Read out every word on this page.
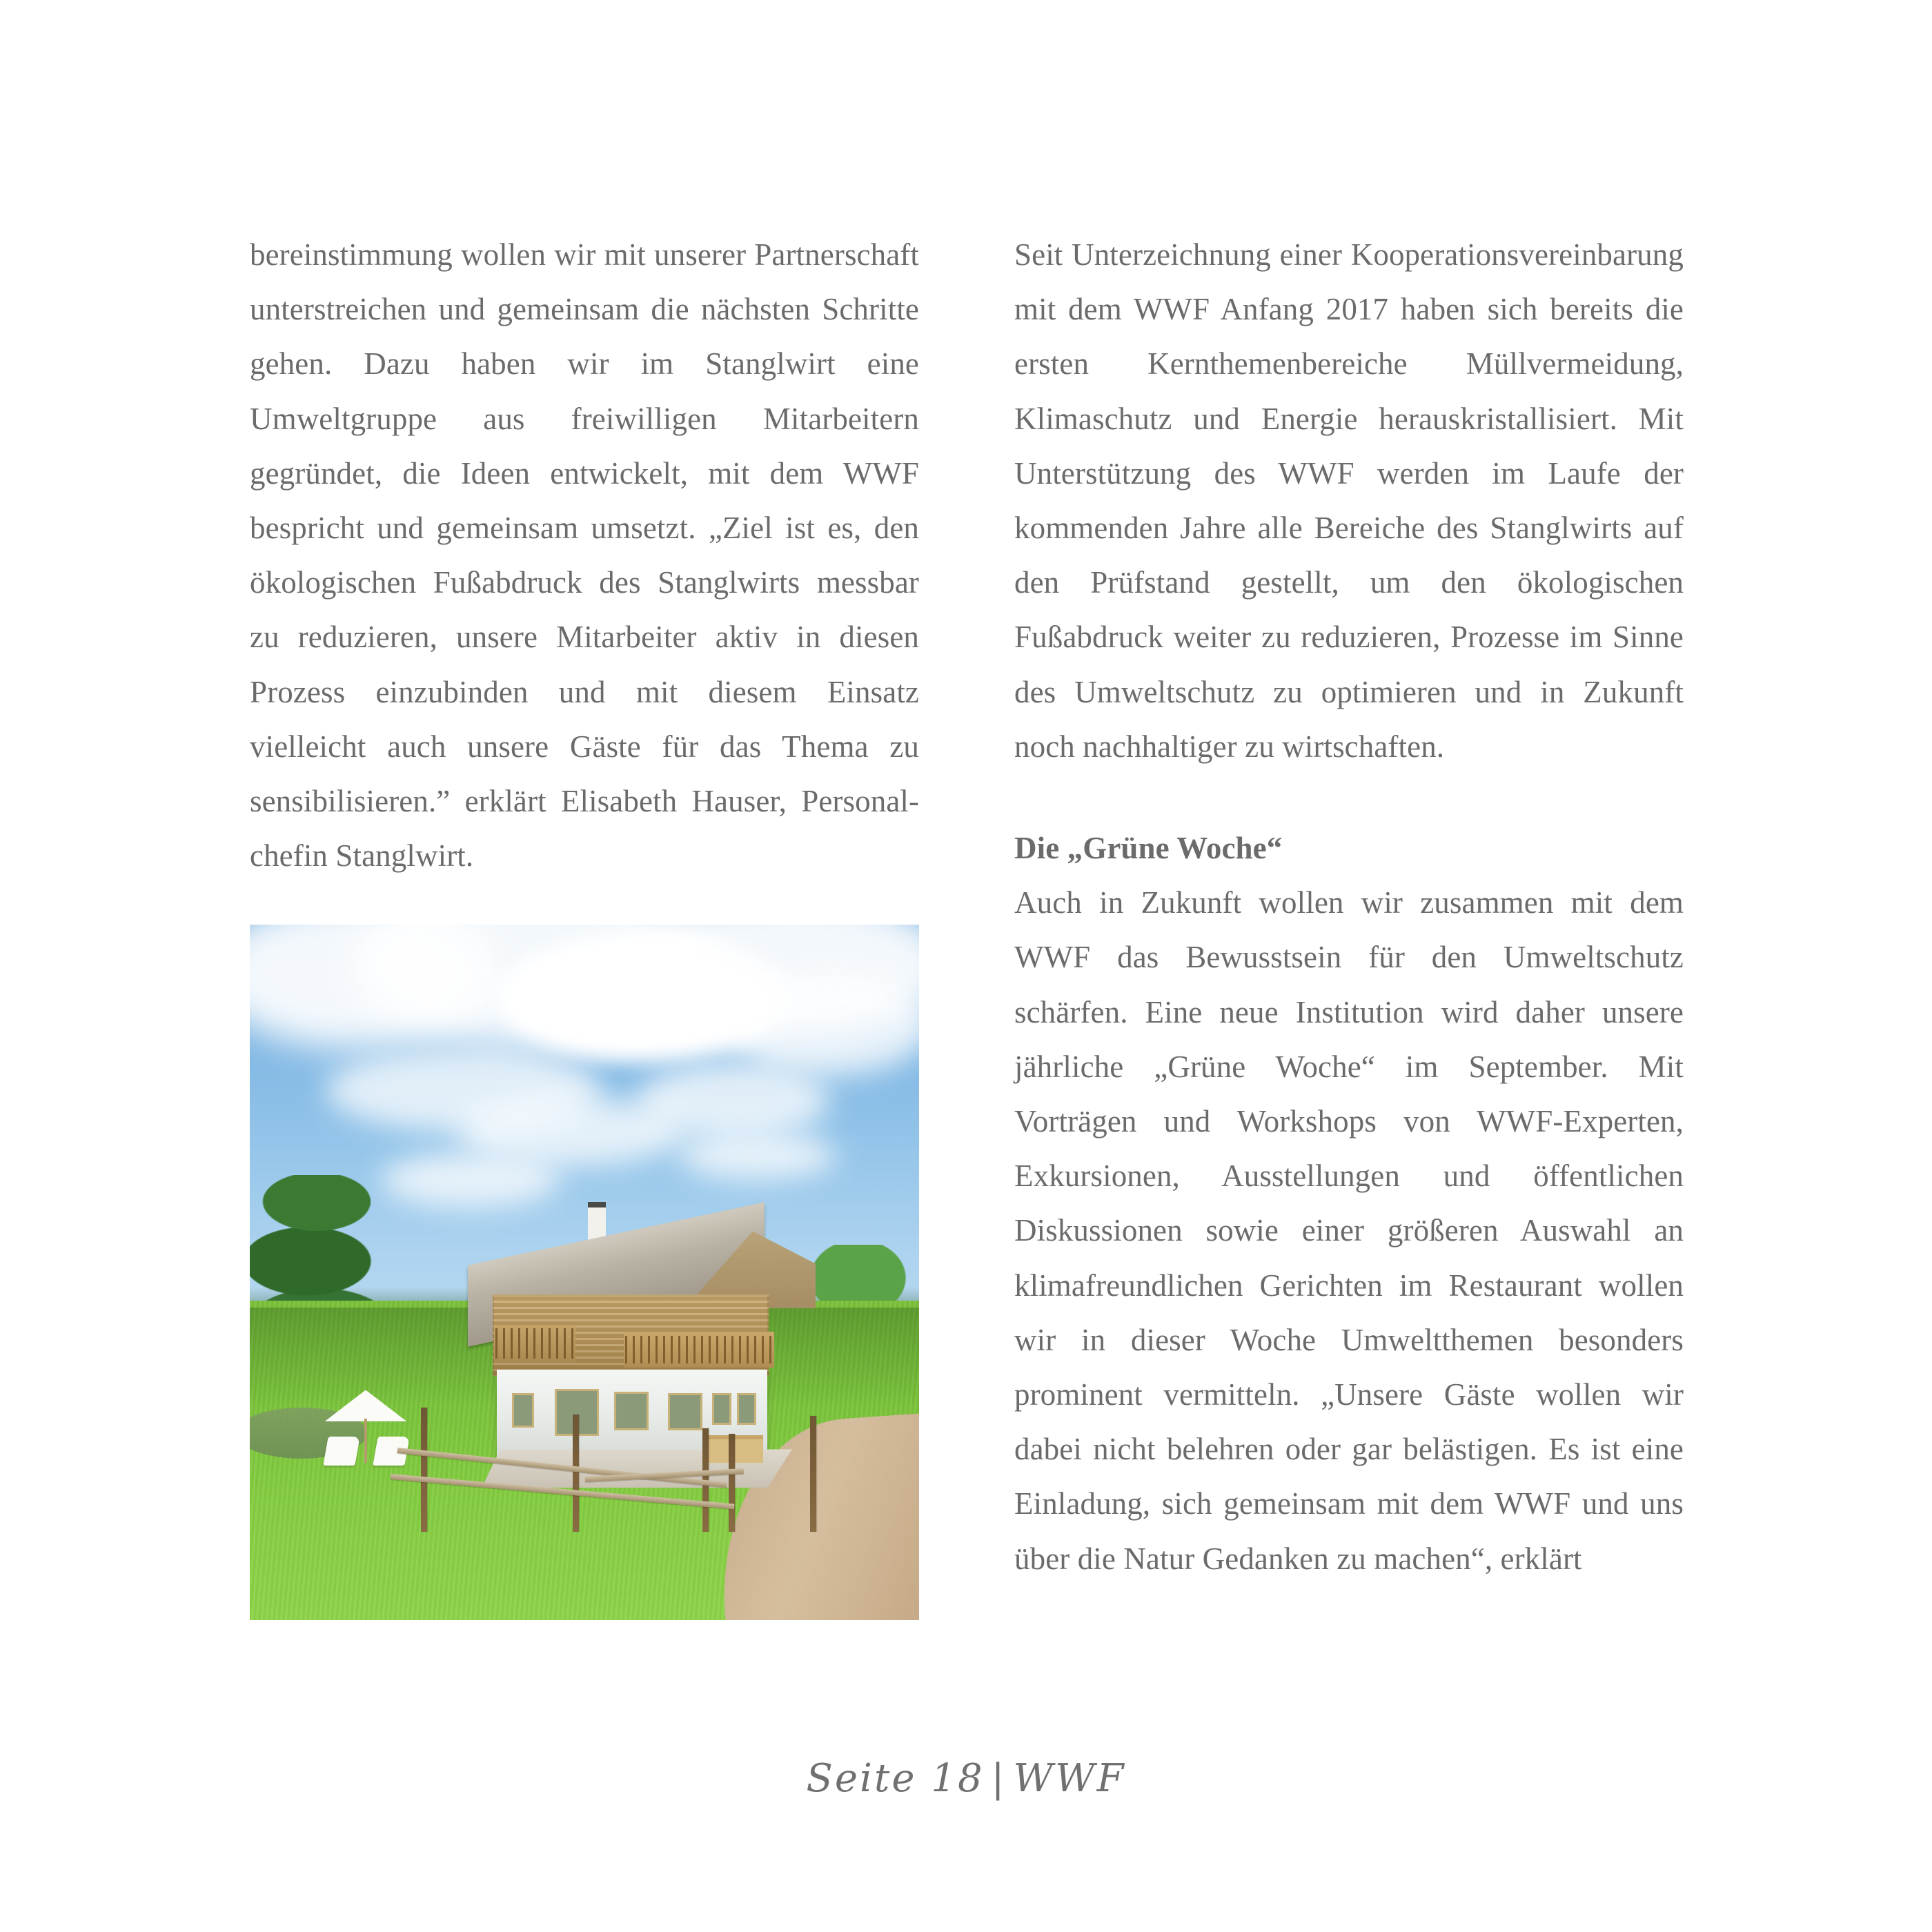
bereinstimmung wollen wir mit unserer Partnerschaft unterstreichen und gemeinsam die nächsten Schritte gehen. Dazu haben wir im Stanglwirt eine Umweltgruppe aus freiwilligen Mitarbeitern gegründet, die Ideen entwickelt, mit dem WWF bespricht und gemeinsam umsetzt. „Ziel ist es, den ökologischen Fußabdruck des Stanglwirts messbar zu reduzieren, unsere Mitarbeiter aktiv in diesen Prozess einzubinden und mit diesem Einsatz vielleicht auch unsere Gäste für das Thema zu sensibilisieren.” erklärt Elisabeth Hauser, Personalchefin Stanglwirt.

Seit Unterzeichnung einer Kooperationsvereinbarung mit dem WWF Anfang 2017 haben sich bereits die ersten Kernthemenbereiche Müllvermeidung, Klimaschutz und Energie herauskristallisiert. Mit Unterstützung des WWF werden im Laufe der kommenden Jahre alle Bereiche des Stanglwirts auf den Prüfstand gestellt, um den ökologischen Fußabdruck weiter zu reduzieren, Prozesse im Sinne des Umweltschutz zu optimieren und in Zukunft noch nachhaltiger zu wirtschaften.

Die „Grüne Woche“

Auch in Zukunft wollen wir zusammen mit dem WWF das Bewusstsein für den Umweltschutz schärfen. Eine neue Institution wird daher unsere jährliche „Grüne Woche“ im September. Mit Vorträgen und Workshops von WWF-Experten, Exkursionen, Ausstellungen und öffentlichen Diskussionen sowie einer größeren Auswahl an klimafreundlichen Gerichten im Restaurant wollen wir in dieser Woche Umweltthemen besonders prominent vermitteln. „Unsere Gäste wollen wir dabei nicht belehren oder gar belästigen. Es ist eine Einladung, sich gemeinsam mit dem WWF und uns über die Natur Gedanken zu machen“, erklärt

Seite 18 | WWF
